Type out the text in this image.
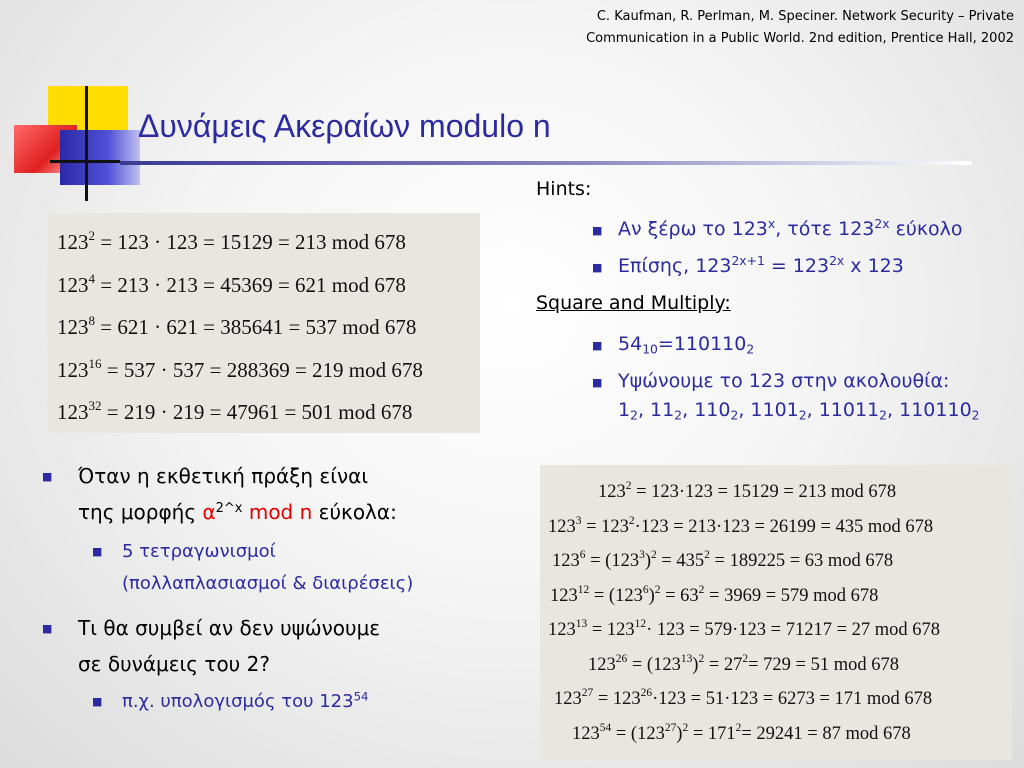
C. Kaufman, R. Perlman, M. Speciner. Network Security – Private
Communication in a Public World. 2nd edition, Prentice Hall, 2002
Δυνάμεις Ακεραίων modulo n
$123^2 = 123 \cdot 123 = 15129 = 213$ mod 678
$123^4 = 213 \cdot 213 = 45369 = 621$ mod 678
$123^8 = 621 \cdot 621 = 385641 = 537$ mod 678
$123^{16} = 537 \cdot 537 = 288369 = 219$ mod 678
$123^{32} = 219 \cdot 219 = 47961 = 501$ mod 678
Hints:
■ Αν ξέρω το 123$^x$, τότε $123^{2x}$ εύκολο
■ Επίσης, $123^{2x+1} = 123^{2x}$ x 123
Square and Multiply:
■ $54_{10}=110110_2$
■ Υψώνουμε το 123 στην ακολουθία:
$1_2$, $11_2$, $110_2$, $1101_2$, $11011_2$, $110110_2$
■ Όταν η εκθετική πράξη είναι
της μορφής $\alpha^{2\^{}x}$ mod n εύκολα:
■ 5 τετραγωνισμοί
(πολλαπλασιασμοί & διαιρέσεις)
■ Τι θα συμβεί αν δεν υψώνουμε
σε δυνάμεις του 2?
■ π.χ. υπολογισμός του $123^{54}$
$123^2 = 123\cdot 123 = 15129 = 213$ mod 678
$123^3 = 123^2\cdot 123 = 213\cdot 123 = 26199 = 435$ mod 678
$123^6 = (123^3)^2 = 435^2 = 189225 = 63$ mod 678
$123^{12} = (123^6)^2 = 63^2 = 3969 = 579$ mod 678
$123^{13} = 123^{12}\cdot 123 = 579\cdot 123 = 71217 = 27$ mod 678
$123^{26} = (123^{13})^2 = 27^2= 729 = 51$ mod 678
$123^{27} = 123^{26}\cdot 123 = 51\cdot 123 = 6273 = 171$ mod 678
$123^{54} = (123^{27})^2 = 171^2= 29241 = 87$ mod 678
